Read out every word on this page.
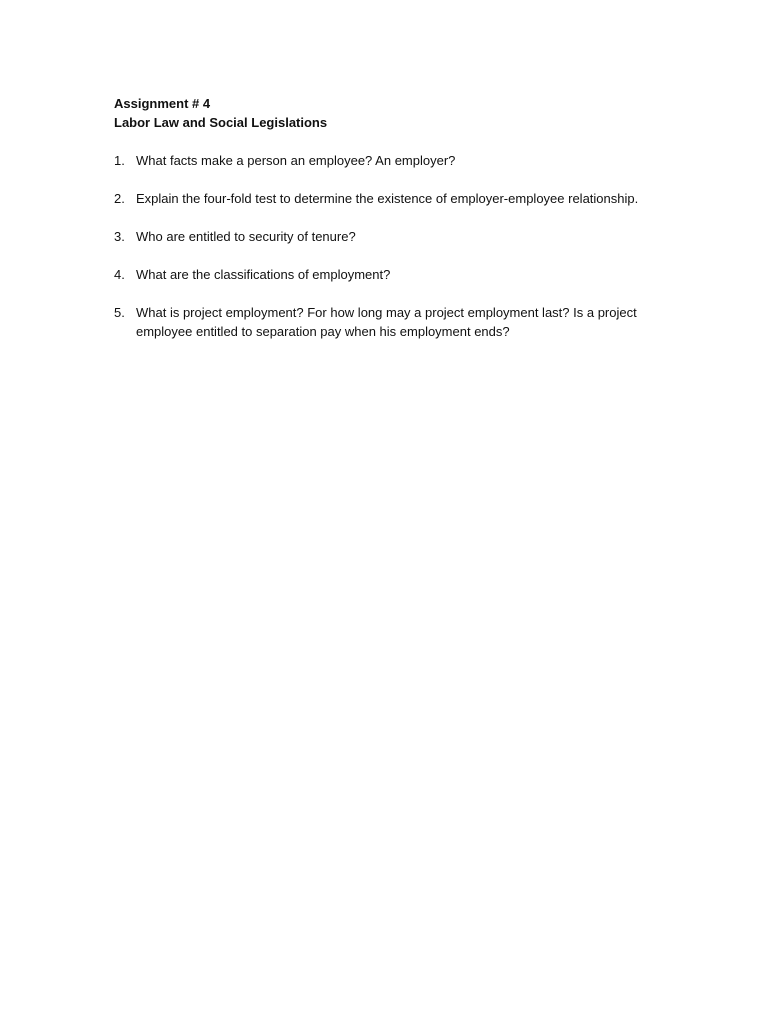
Assignment # 4

Labor Law and Social Legislations

1. What facts make a person an employee? An employer?
2. Explain the four-fold test to determine the existence of employer-employee relationship.
3. Who are entitled to security of tenure?
4. What are the classifications of employment?
5. What is project employment? For how long may a project employment last? Is a project employee entitled to separation pay when his employment ends?
